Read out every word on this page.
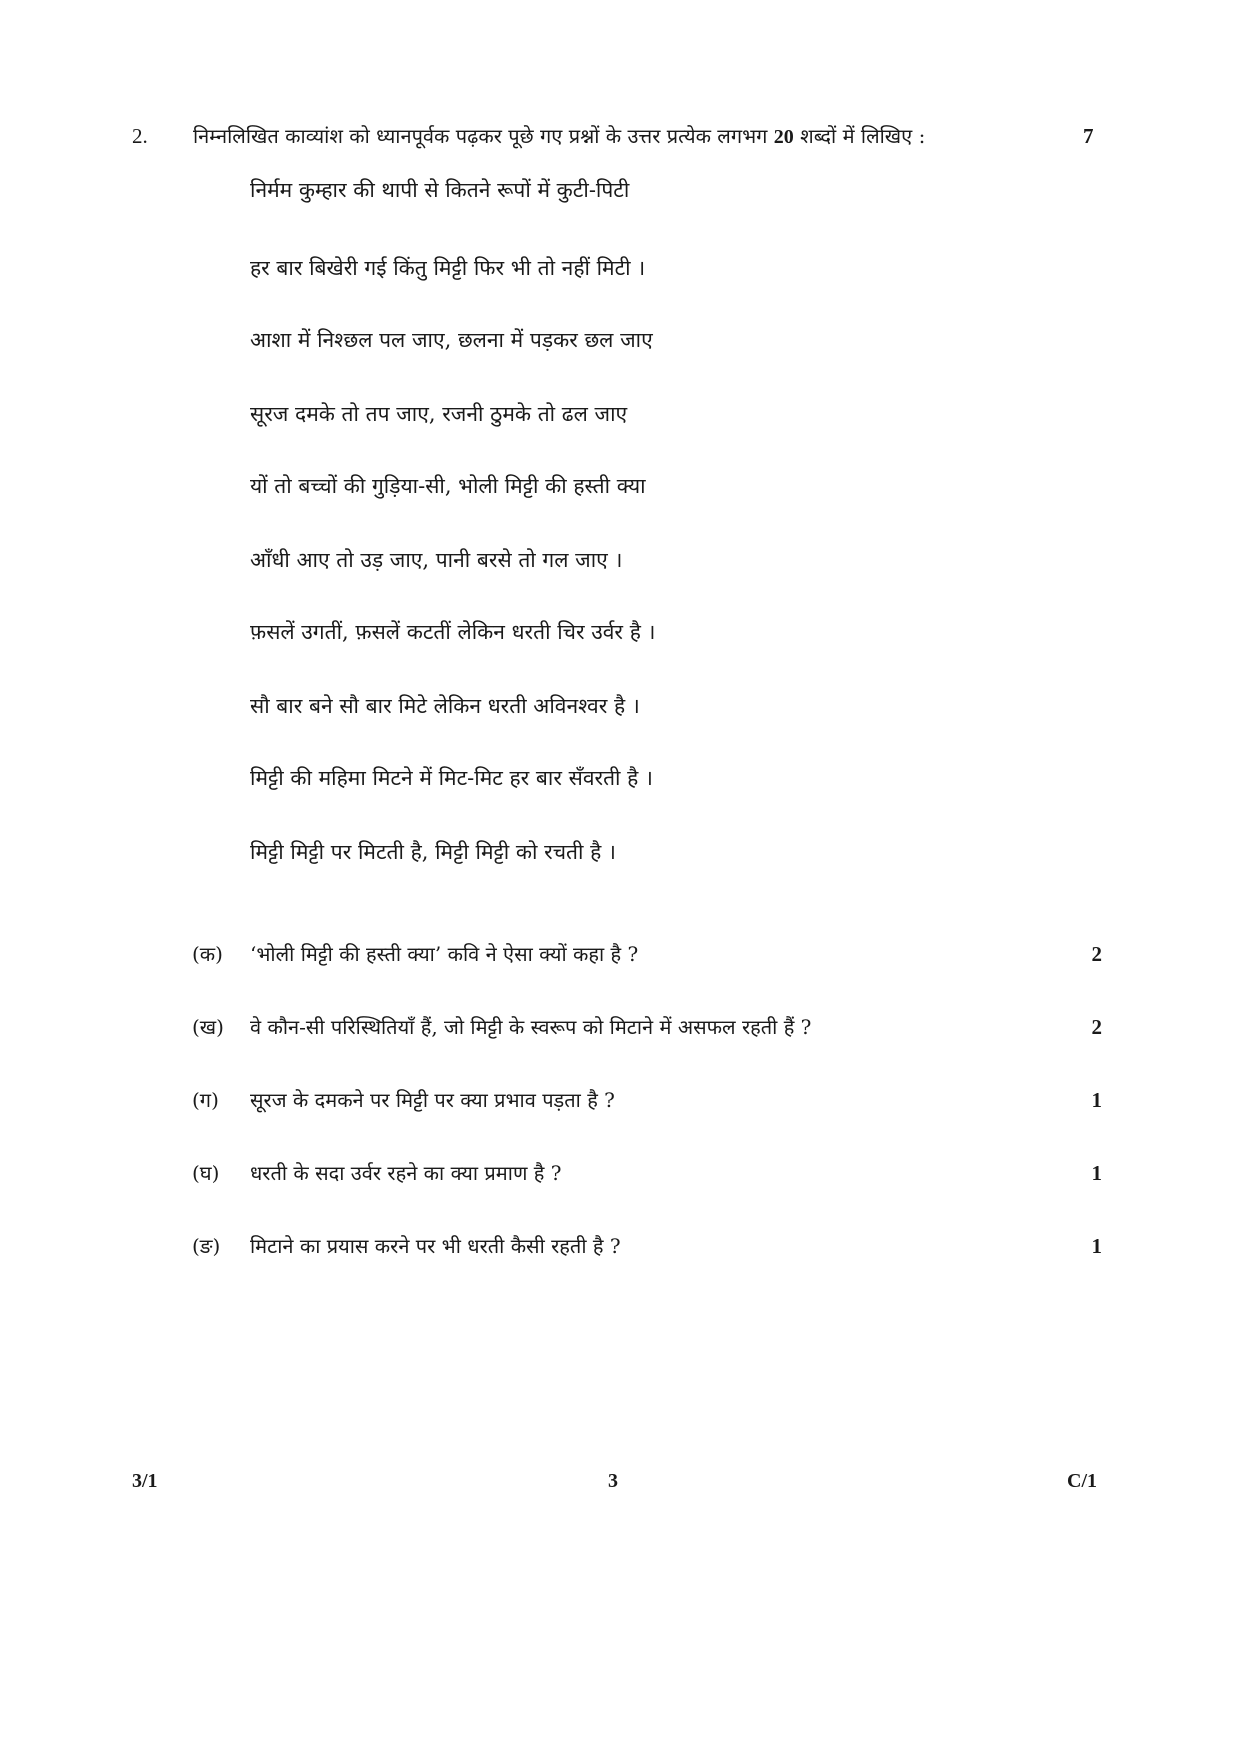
2. निम्नलिखित काव्यांश को ध्यानपूर्वक पढ़कर पूछे गए प्रश्नों के उत्तर प्रत्येक लगभग 20 शब्दों में लिखिए :	7
निर्मम कुम्हार की थापी से कितने रूपों में कुटी-पिटी
हर बार बिखेरी गई किंतु मिट्टी फिर भी तो नहीं मिटी ।
आशा में निश्छल पल जाए, छलना में पड़कर छल जाए
सूरज दमके तो तप जाए, रजनी ठुमके तो ढल जाए
यों तो बच्चों की गुड़िया-सी, भोली मिट्टी की हस्ती क्या
आँधी आए तो उड़ जाए, पानी बरसे तो गल जाए ।
फ़सलें उगतीं, फ़सलें कटतीं लेकिन धरती चिर उर्वर है ।
सौ बार बने सौ बार मिटे लेकिन धरती अविनश्वर है ।
मिट्टी की महिमा मिटने में मिट-मिट हर बार सँवरती है ।
मिट्टी मिट्टी पर मिटती है, मिट्टी मिट्टी को रचती है ।
(क) ‘भोली मिट्टी की हस्ती क्या’ कवि ने ऐसा क्यों कहा है ?	2
(ख) वे कौन-सी परिस्थितियाँ हैं, जो मिट्टी के स्वरूप को मिटाने में असफल रहती हैं ?	2
(ग) सूरज के दमकने पर मिट्टी पर क्या प्रभाव पड़ता है ?	1
(घ) धरती के सदा उर्वर रहने का क्या प्रमाण है ?	1
(ङ) मिटाने का प्रयास करने पर भी धरती कैसी रहती है ?	1
3/1	3	C/1
